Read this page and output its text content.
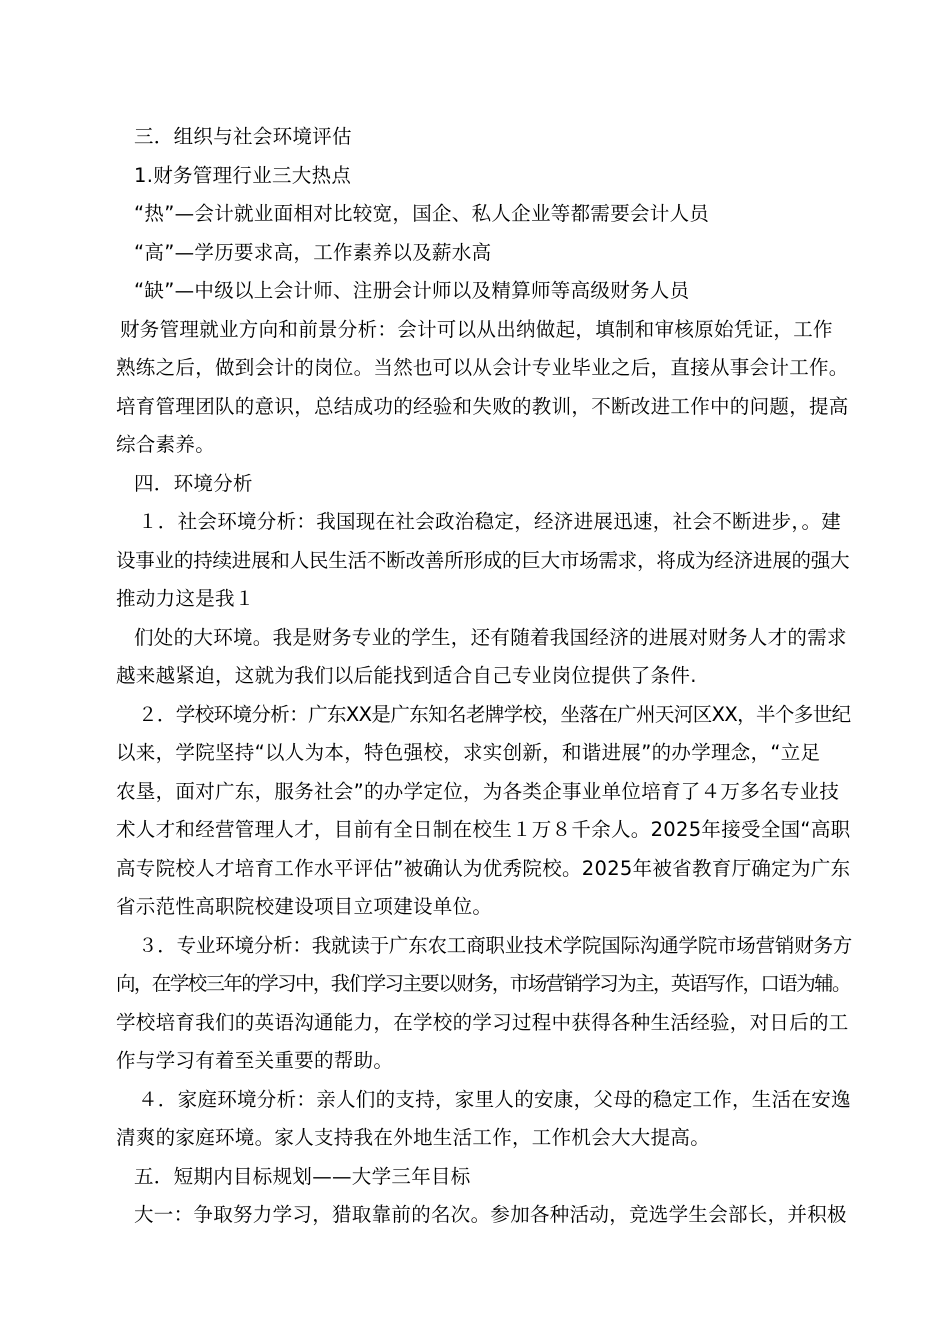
三．组织与社会环境评估
1.财务管理行业三大热点
“热”—会计就业面相对比较宽，国企、私人企业等都需要会计人员
“高”—学历要求高，工作素养以及薪水高
“缺”—中级以上会计师、注册会计师以及精算师等高级财务人员
财务管理就业方向和前景分析：会计可以从出纳做起，填制和审核原始凭证，工作
熟练之后，做到会计的岗位。当然也可以从会计专业毕业之后，直接从事会计工作。
培育管理团队的意识，总结成功的经验和失败的教训，不断改进工作中的问题，提高
综合素养。
四．环境分析
１．社会环境分析：我国现在社会政治稳定，经济进展迅速，社会不断进步，。建
设事业的持续进展和人民生活不断改善所形成的巨大市场需求，将成为经济进展的强大
推动力这是我１
们处的大环境。我是财务专业的学生，还有随着我国经济的进展对财务人才的需求
越来越紧迫，这就为我们以后能找到适合自己专业岗位提供了条件.
２．学校环境分析：广东XX是广东知名老牌学校，坐落在广州天河区XX，半个多世纪
以来，学院坚持“以人为本，特色强校，求实创新，和谐进展”的办学理念，“立足
农垦，面对广东，服务社会”的办学定位，为各类企事业单位培育了４万多名专业技
术人才和经营管理人才，目前有全日制在校生１万８千余人。2025年接受全国“高职
高专院校人才培育工作水平评估”被确认为优秀院校。2025年被省教育厅确定为广东
省示范性高职院校建设项目立项建设单位。
３．专业环境分析：我就读于广东农工商职业技术学院国际沟通学院市场营销财务方
向，在学校三年的学习中，我们学习主要以财务，市场营销学习为主，英语写作，口语为辅。
学校培育我们的英语沟通能力，在学校的学习过程中获得各种生活经验，对日后的工
作与学习有着至关重要的帮助。
４．家庭环境分析：亲人们的支持，家里人的安康，父母的稳定工作，生活在安逸
清爽的家庭环境。家人支持我在外地生活工作，工作机会大大提高。
五．短期内目标规划——大学三年目标
大一：争取努力学习，猎取靠前的名次。参加各种活动，竞选学生会部长，并积极
